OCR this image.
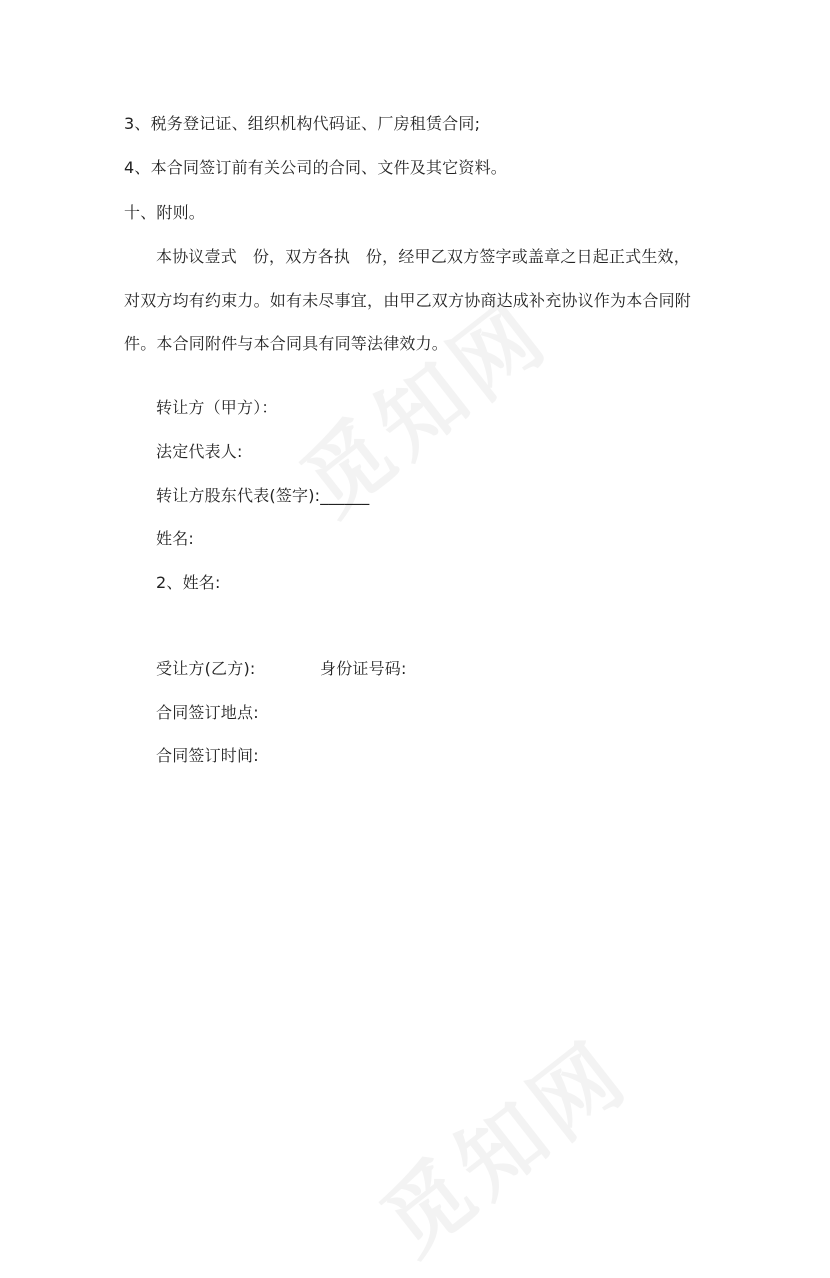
3、税务登记证、组织机构代码证、厂房租赁合同;
4、本合同签订前有关公司的合同、文件及其它资料。
十、附则。
本协议壹式   份，双方各执   份，经甲乙双方签字或盖章之日起正式生效，
对双方均有约束力。如有未尽事宜，由甲乙双方协商达成补充协议作为本合同附
件。本合同附件与本合同具有同等法律效力。
转让方（甲方）：
法定代表人:
转让方股东代表(签字):______
姓名:
2、姓名:
受让方(乙方):	身份证号码:
合同签订地点:
合同签订时间:
